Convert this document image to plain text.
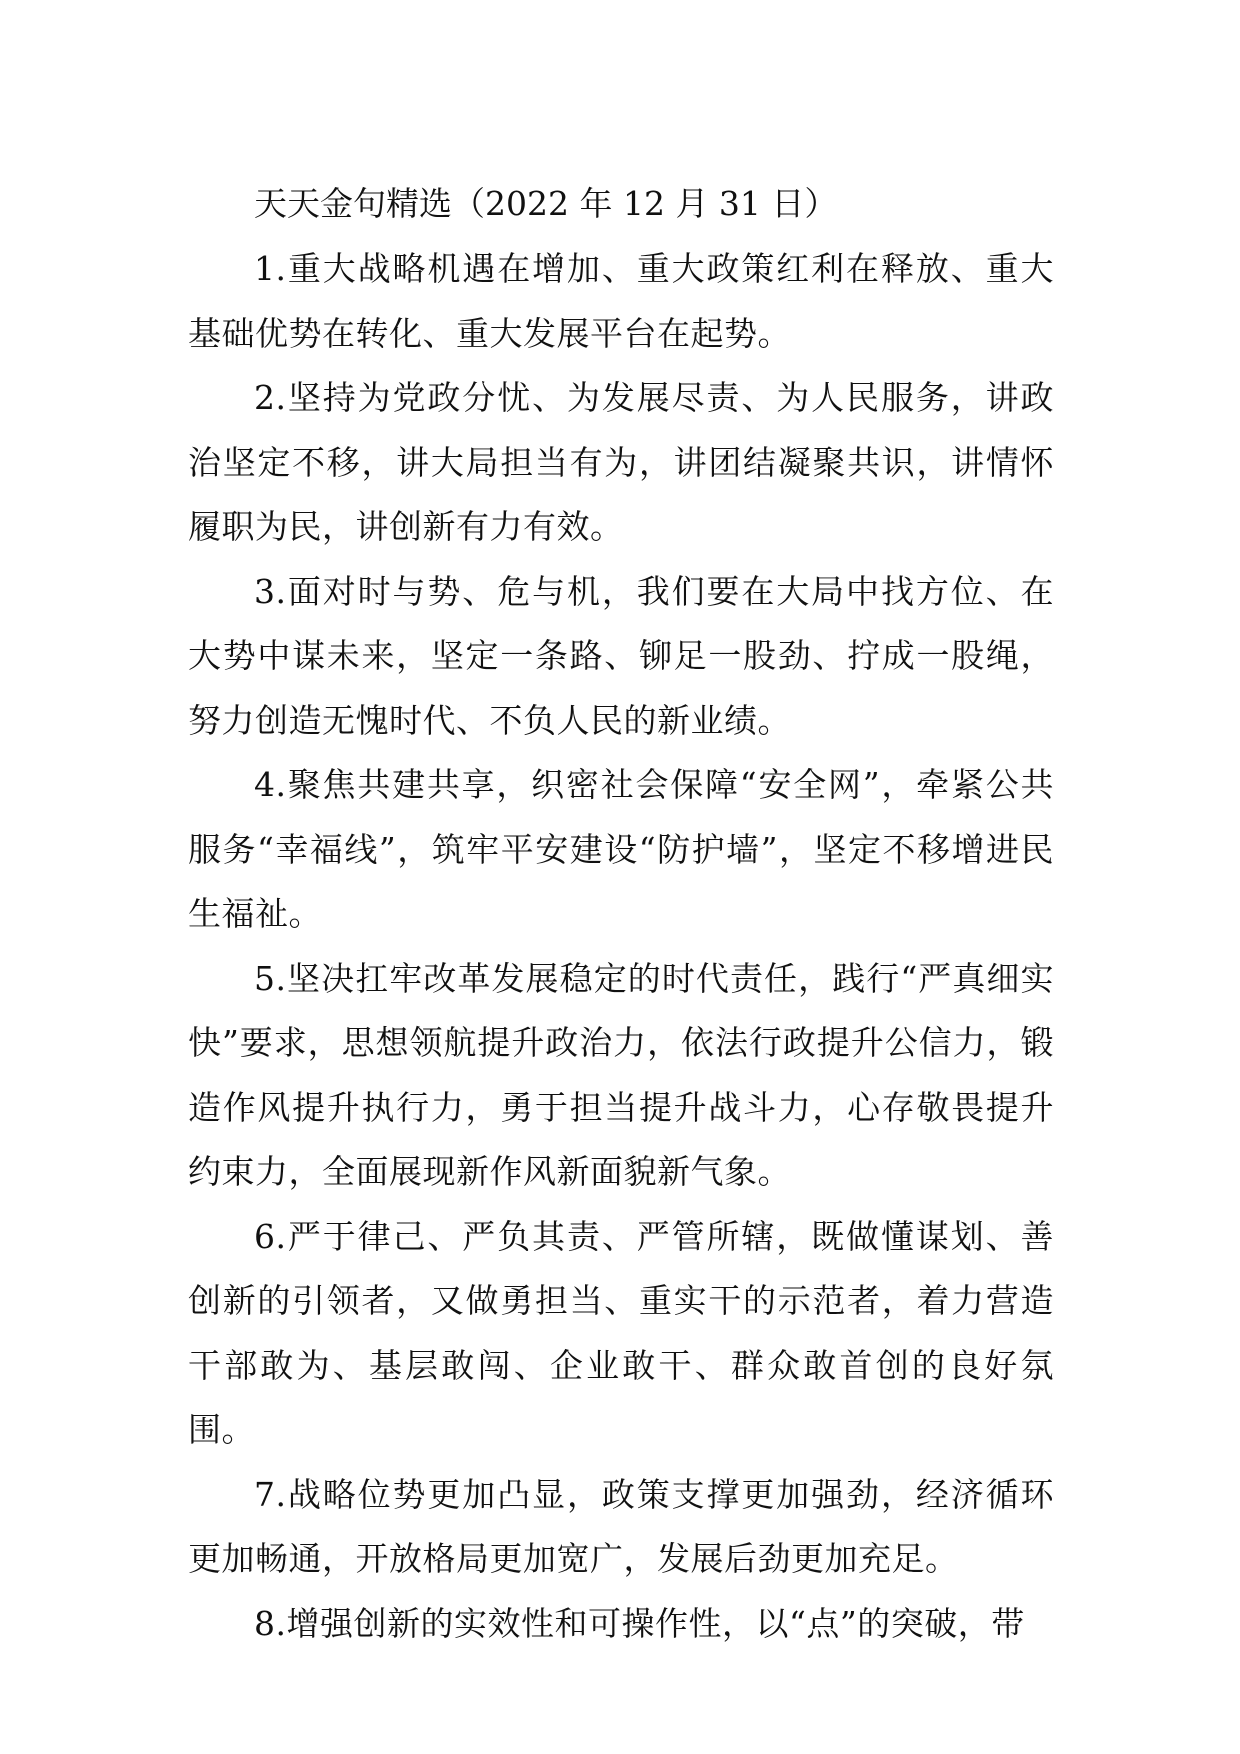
天天金句精选（2022 年 12 月 31 日）

1.重大战略机遇在增加、重大政策红利在释放、重大基础优势在转化、重大发展平台在起势。

2.坚持为党政分忧、为发展尽责、为人民服务，讲政治坚定不移，讲大局担当有为，讲团结凝聚共识，讲情怀履职为民，讲创新有力有效。

3.面对时与势、危与机，我们要在大局中找方位、在大势中谋未来，坚定一条路、铆足一股劲、拧成一股绳，努力创造无愧时代、不负人民的新业绩。

4.聚焦共建共享，织密社会保障“安全网”，牵紧公共服务“幸福线”，筑牢平安建设“防护墙”，坚定不移增进民生福祉。

5.坚决扛牢改革发展稳定的时代责任，践行“严真细实快”要求，思想领航提升政治力，依法行政提升公信力，锻造作风提升执行力，勇于担当提升战斗力，心存敬畏提升约束力，全面展现新作风新面貌新气象。

6.严于律己、严负其责、严管所辖，既做懂谋划、善创新的引领者，又做勇担当、重实干的示范者，着力营造干部敢为、基层敢闯、企业敢干、群众敢首创的良好氛围。

7.战略位势更加凸显，政策支撑更加强劲，经济循环更加畅通，开放格局更加宽广，发展后劲更加充足。

8.增强创新的实效性和可操作性，以“点”的突破，带
